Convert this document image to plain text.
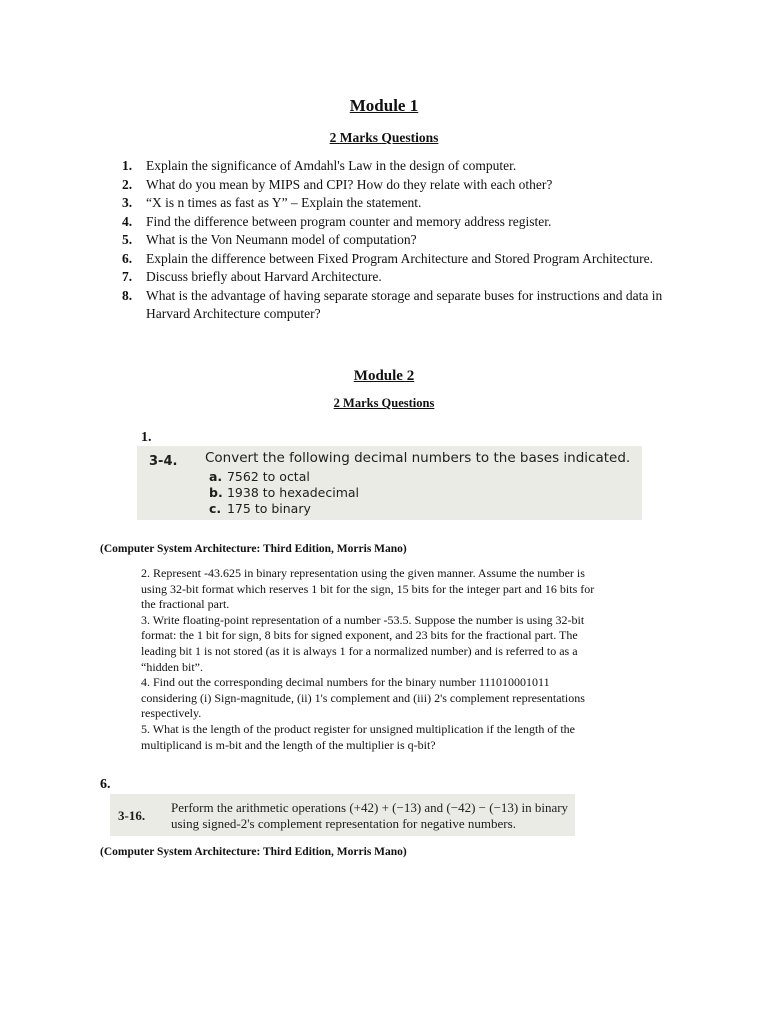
Module 1
2 Marks Questions
1.	Explain the significance of Amdahl's Law in the design of computer.
2.	What do you mean by MIPS and CPI? How do they relate with each other?
3.	“X is n times as fast as Y” – Explain the statement.
4.	Find the difference between program counter and memory address register.
5.	What is the Von Neumann model of computation?
6.	Explain the difference between Fixed Program Architecture and Stored Program Architecture.
7.	Discuss briefly about Harvard Architecture.
8.	What is the advantage of having separate storage and separate buses for instructions and data in Harvard Architecture computer?
Module 2
2 Marks Questions
1.
3-4. Convert the following decimal numbers to the bases indicated.
a. 7562 to octal
b. 1938 to hexadecimal
c. 175 to binary
(Computer System Architecture: Third Edition, Morris Mano)

2. Represent -43.625 in binary representation using the given manner. Assume the number is using 32-bit format which reserves 1 bit for the sign, 15 bits for the integer part and 16 bits for the fractional part.

3. Write floating-point representation of a number -53.5. Suppose the number is using 32-bit format: the 1 bit for sign, 8 bits for signed exponent, and 23 bits for the fractional part. The leading bit 1 is not stored (as it is always 1 for a normalized number) and is referred to as a “hidden bit”.

4. Find out the corresponding decimal numbers for the binary number 111010001011 considering (i) Sign-magnitude, (ii) 1's complement and (iii) 2's complement representations respectively.

5. What is the length of the product register for unsigned multiplication if the length of the multiplicand is m-bit and the length of the multiplier is q-bit?

6.
3-16.
Perform the arithmetic operations (+42) + (−13) and (−42) − (−13) in binary using signed-2's complement representation for negative numbers.
(Computer System Architecture: Third Edition, Morris Mano)
